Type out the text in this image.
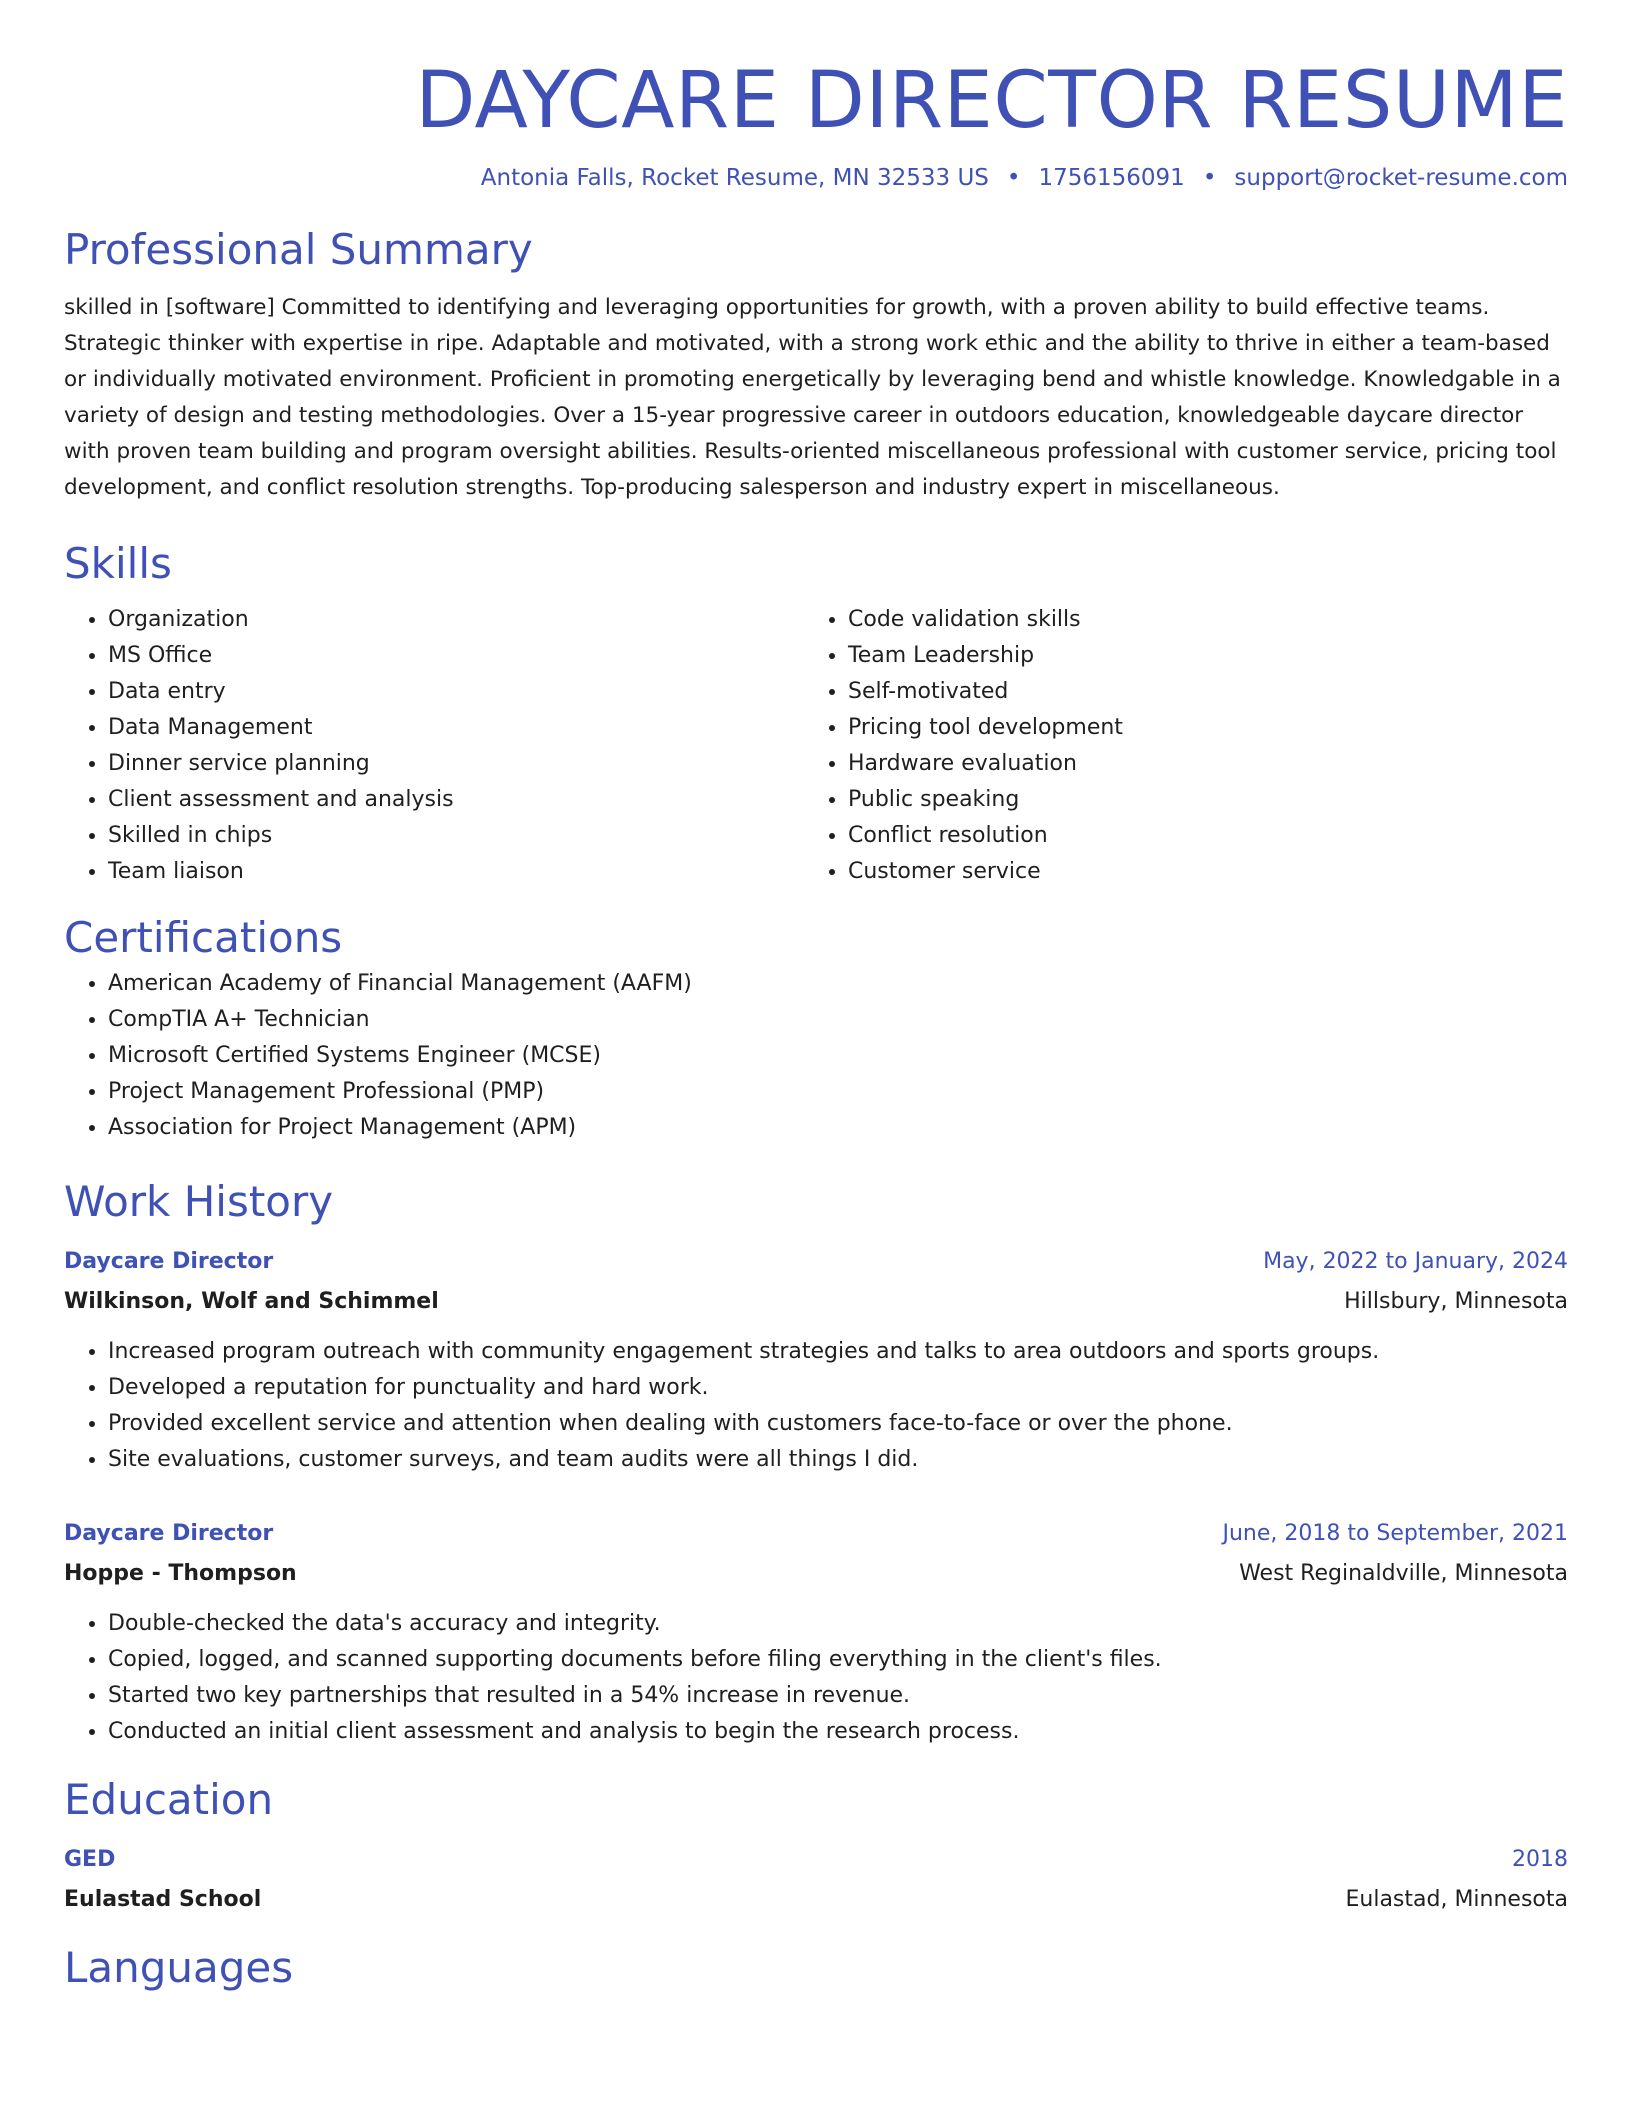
DAYCARE DIRECTOR RESUME
Antonia Falls, Rocket Resume, MN 32533 US • 1756156091 • support@rocket-resume.com
Professional Summary

skilled in [software] Committed to identifying and leveraging opportunities for growth, with a proven ability to build effective teams. Strategic thinker with expertise in ripe. Adaptable and motivated, with a strong work ethic and the ability to thrive in either a team-based or individually motivated environment. Proficient in promoting energetically by leveraging bend and whistle knowledge. Knowledgable in a variety of design and testing methodologies. Over a 15-year progressive career in outdoors education, knowledgeable daycare director with proven team building and program oversight abilities. Results-oriented miscellaneous professional with customer service, pricing tool development, and conflict resolution strengths. Top-producing salesperson and industry expert in miscellaneous.

Skills
• Organization
• MS Office
• Data entry
• Data Management
• Dinner service planning
• Client assessment and analysis
• Skilled in chips
• Team liaison
• Code validation skills
• Team Leadership
• Self-motivated
• Pricing tool development
• Hardware evaluation
• Public speaking
• Conflict resolution
• Customer service
Certifications
• American Academy of Financial Management (AAFM)
• CompTIA A+ Technician
• Microsoft Certified Systems Engineer (MCSE)
• Project Management Professional (PMP)
• Association for Project Management (APM)
Work History
Daycare Director	May, 2022 to January, 2024
Wilkinson, Wolf and Schimmel	Hillsbury, Minnesota
• Increased program outreach with community engagement strategies and talks to area outdoors and sports groups.
• Developed a reputation for punctuality and hard work.
• Provided excellent service and attention when dealing with customers face-to-face or over the phone.
• Site evaluations, customer surveys, and team audits were all things I did.
Daycare Director	June, 2018 to September, 2021
Hoppe - Thompson	West Reginaldville, Minnesota
• Double-checked the data's accuracy and integrity.
• Copied, logged, and scanned supporting documents before filing everything in the client's files.
• Started two key partnerships that resulted in a 54% increase in revenue.
• Conducted an initial client assessment and analysis to begin the research process.
Education
GED	2018
Eulastad School	Eulastad, Minnesota
Languages
